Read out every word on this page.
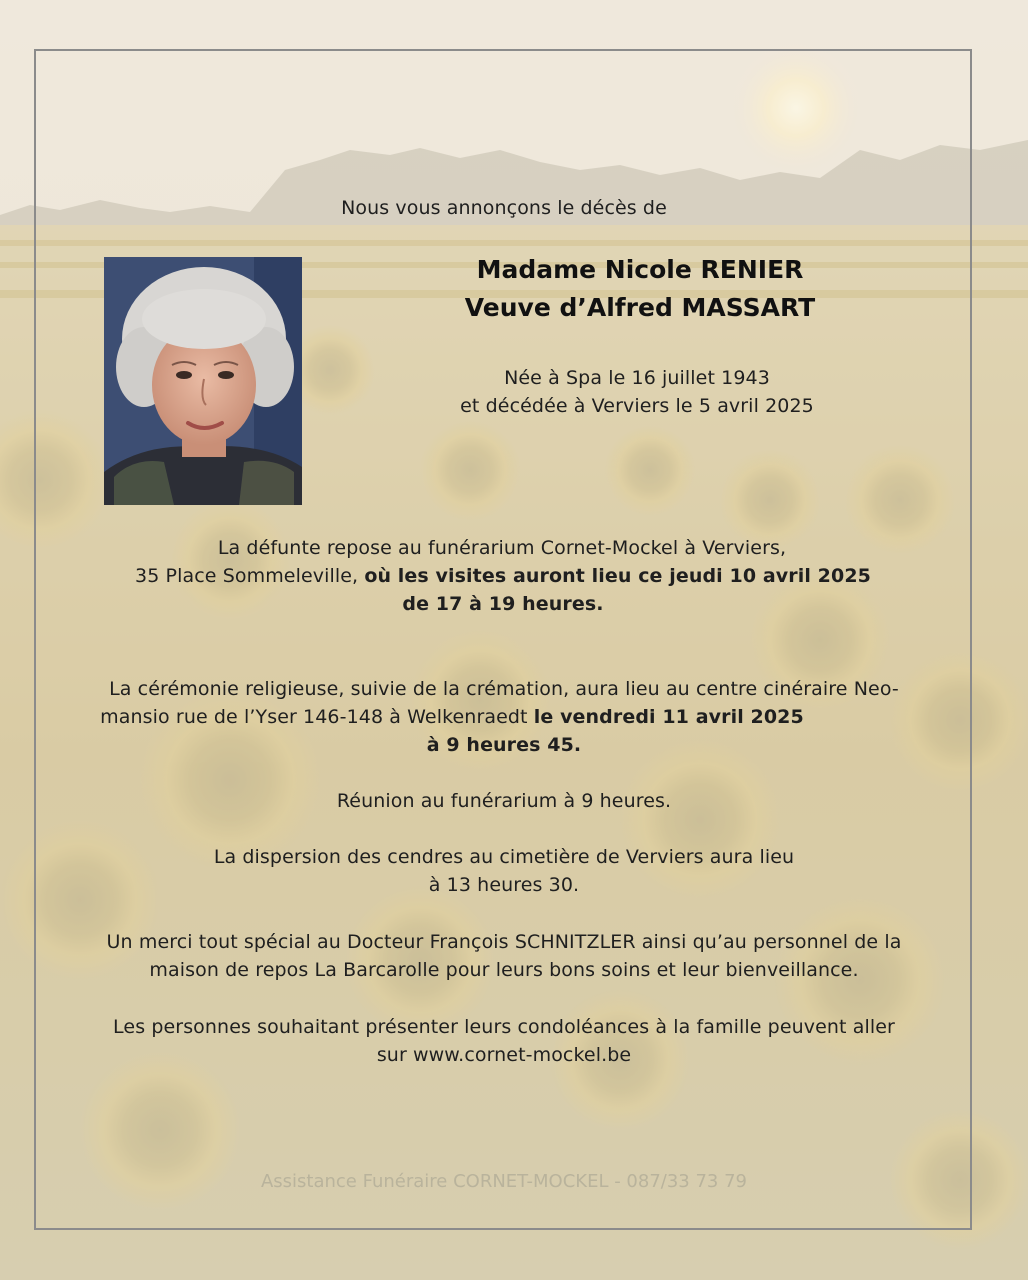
Nous vous annonçons le décès de
Madame Nicole RENIER
Veuve d’Alfred MASSART
Née à Spa le 16 juillet 1943
et décédée à Verviers le 5 avril 2025
La défunte repose au funérarium Cornet-Mockel à Verviers,
35 Place Sommeleville, où les visites auront lieu ce jeudi 10 avril 2025
de 17 à 19 heures.
La cérémonie religieuse, suivie de la crémation, aura lieu au centre cinéraire Neo-
mansio rue de l’Yser 146-148 à Welkenraedt le vendredi 11 avril 2025
à 9 heures 45.
Réunion au funérarium à 9 heures.
La dispersion des cendres au cimetière de Verviers aura lieu
à 13 heures 30.
Un merci tout spécial au Docteur François SCHNITZLER ainsi qu’au personnel de la
maison de repos La Barcarolle pour leurs bons soins et leur bienveillance.
Les personnes souhaitant présenter leurs condoléances à la famille peuvent aller
sur www.cornet-mockel.be
Assistance Funéraire CORNET-MOCKEL - 087/33 73 79
